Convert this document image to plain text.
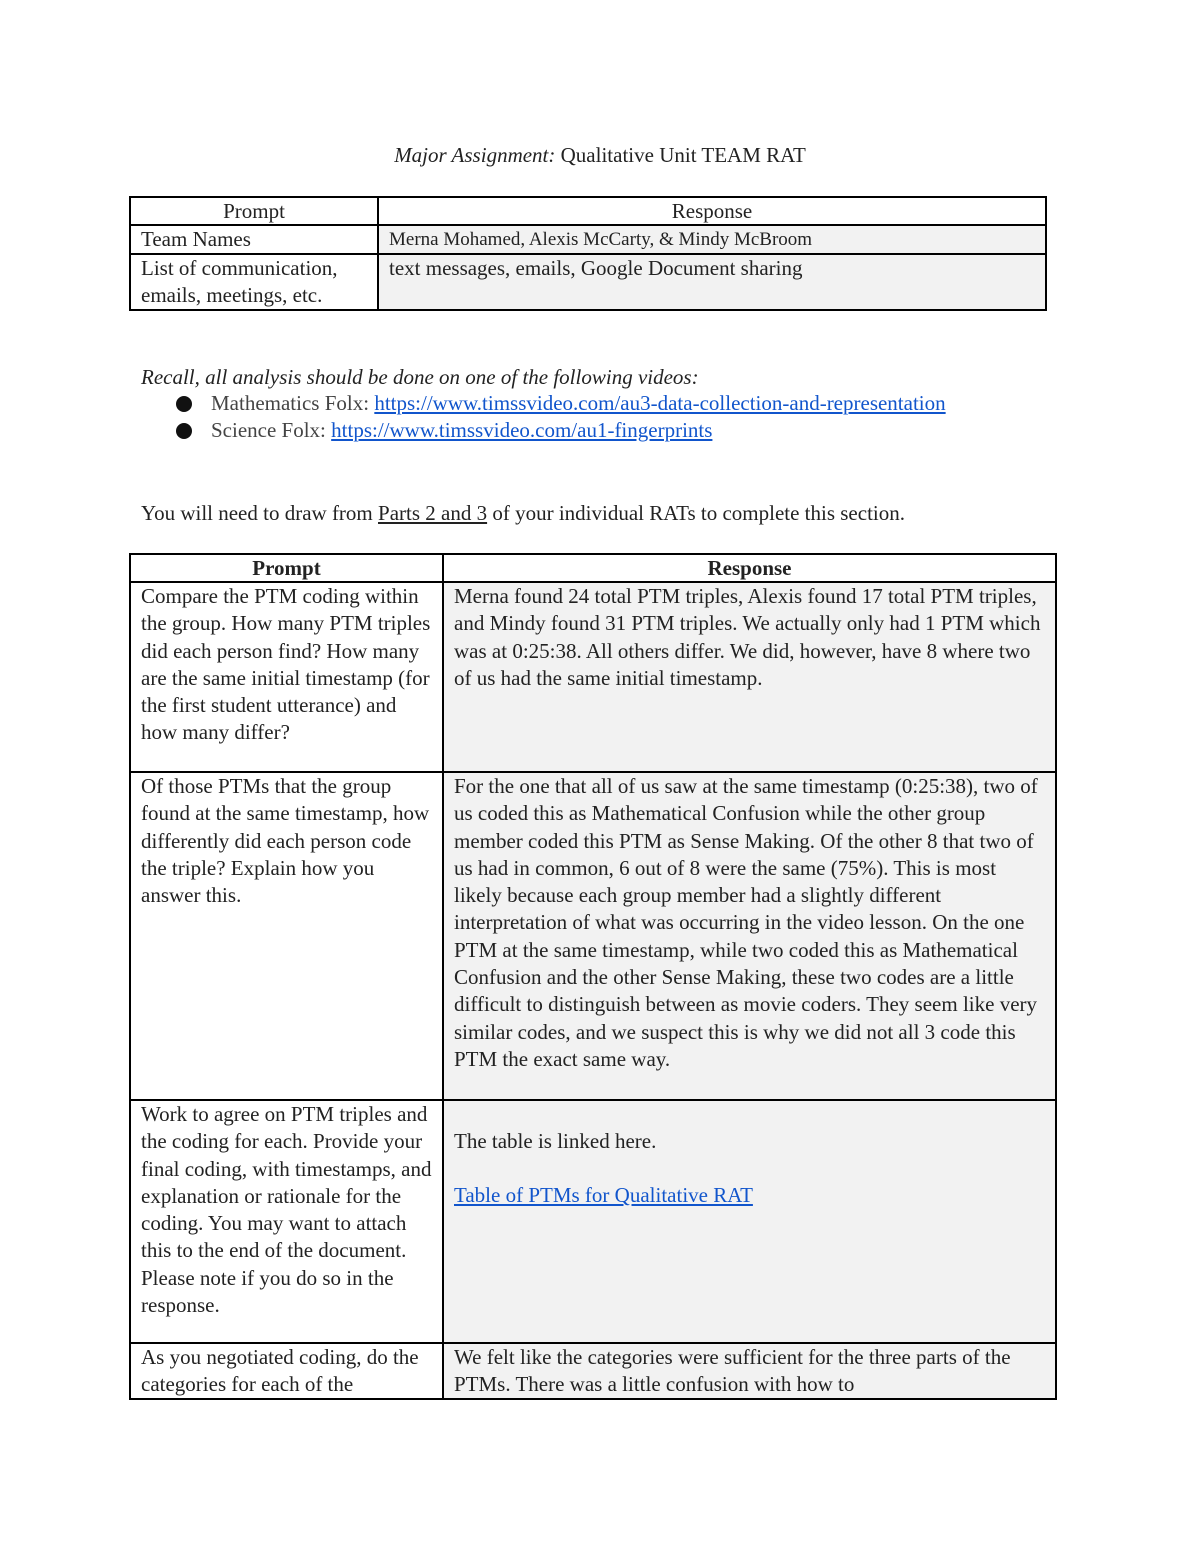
Major Assignment: Qualitative Unit TEAM RAT
Prompt	Response
Team Names	Merna Mohamed, Alexis McCarty, & Mindy McBroom
List of communication, emails, meetings, etc.	text messages, emails, Google Document sharing
Recall, all analysis should be done on one of the following videos:
Mathematics Folx: https://www.timssvideo.com/au3-data-collection-and-representation
Science Folx: https://www.timssvideo.com/au1-fingerprints
You will need to draw from Parts 2 and 3 of your individual RATs to complete this section.
Prompt	Response
Compare the PTM coding within the group. How many PTM triples did each person find? How many are the same initial timestamp (for the first student utterance) and how many differ?	Merna found 24 total PTM triples, Alexis found 17 total PTM triples, and Mindy found 31 PTM triples. We actually only had 1 PTM which was at 0:25:38. All others differ. We did, however, have 8 where two of us had the same initial timestamp.
Of those PTMs that the group found at the same timestamp, how differently did each person code the triple? Explain how you answer this.	For the one that all of us saw at the same timestamp (0:25:38), two of us coded this as Mathematical Confusion while the other group member coded this PTM as Sense Making. Of the other 8 that two of us had in common, 6 out of 8 were the same (75%). This is most likely because each group member had a slightly different interpretation of what was occurring in the video lesson. On the one PTM at the same timestamp, while two coded this as Mathematical Confusion and the other Sense Making, these two codes are a little difficult to distinguish between as movie coders. They seem like very similar codes, and we suspect this is why we did not all 3 code this PTM the exact same way.
Work to agree on PTM triples and the coding for each. Provide your final coding, with timestamps, and explanation or rationale for the coding. You may want to attach this to the end of the document. Please note if you do so in the response.	The table is linked here.
Table of PTMs for Qualitative RAT

As you negotiated coding, do the categories for each of the	We felt like the categories were sufficient for the three parts of the PTMs. There was a little confusion with how to
